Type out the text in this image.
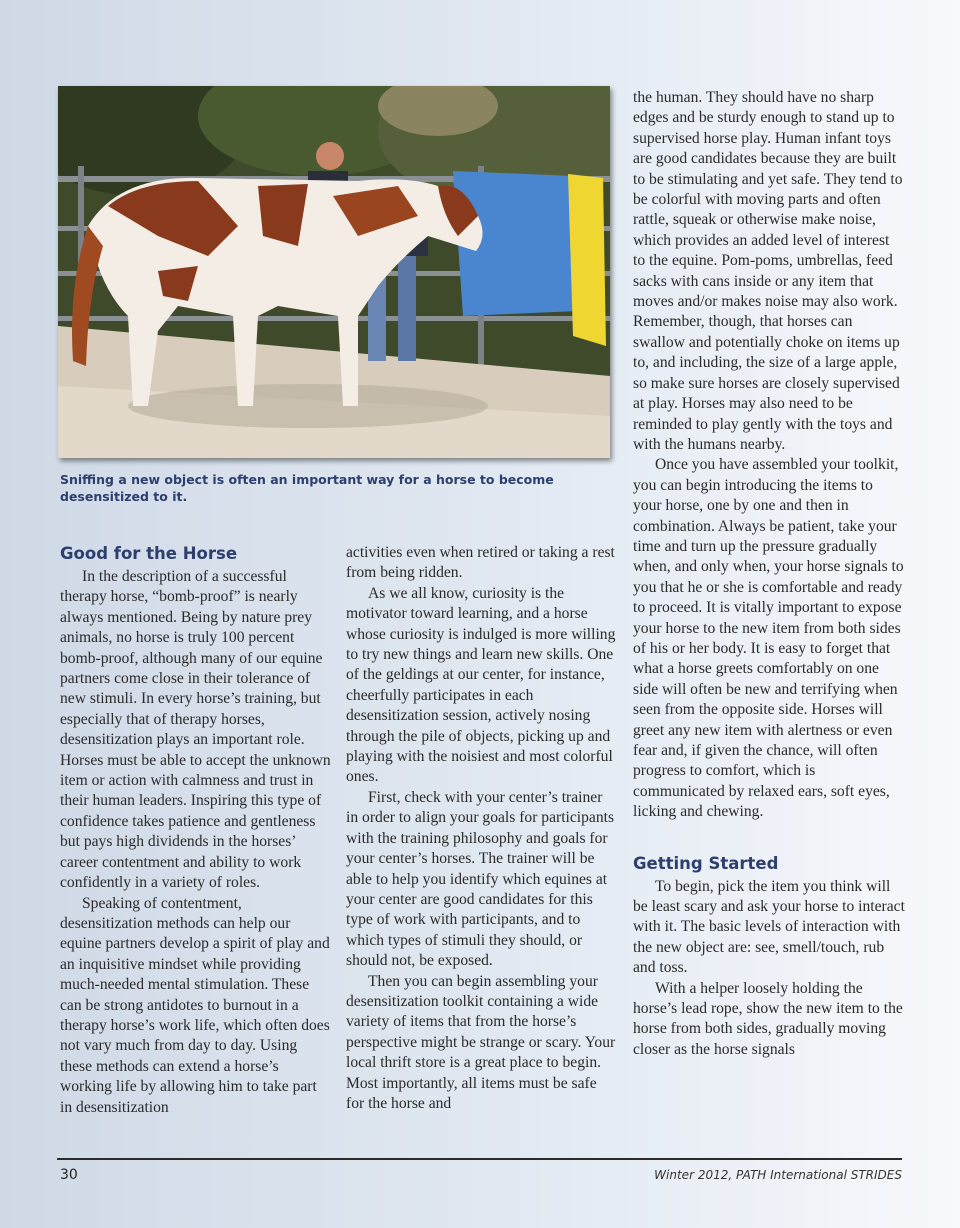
Sniffing a new object is often an important way for a horse to become desensitized to it.
Good for the Horse

In the description of a successful therapy horse, “bomb-proof” is nearly always mentioned. Being by nature prey animals, no horse is truly 100 percent bomb-proof, although many of our equine partners come close in their tolerance of new stimuli. In every horse’s training, but especially that of therapy horses, desensitization plays an important role. Horses must be able to accept the unknown item or action with calmness and trust in their human leaders. Inspiring this type of confidence takes patience and gentleness but pays high dividends in the horses’ career contentment and ability to work confidently in a variety of roles.

Speaking of contentment, desensitization methods can help our equine partners develop a spirit of play and an inquisitive mindset while providing much-needed mental stimulation. These can be strong antidotes to burnout in a therapy horse’s work life, which often does not vary much from day to day. Using these methods can extend a horse’s working life by allowing him to take part in desensitization

activities even when retired or taking a rest from being ridden.

As we all know, curiosity is the motivator toward learning, and a horse whose curiosity is indulged is more willing to try new things and learn new skills. One of the geldings at our center, for instance, cheerfully participates in each desensitization session, actively nosing through the pile of objects, picking up and playing with the noisiest and most colorful ones.

First, check with your center’s trainer in order to align your goals for participants with the training philosophy and goals for your center’s horses. The trainer will be able to help you identify which equines at your center are good candidates for this type of work with participants, and to which types of stimuli they should, or should not, be exposed.

Then you can begin assembling your desensitization toolkit containing a wide variety of items that from the horse’s perspective might be strange or scary. Your local thrift store is a great place to begin. Most importantly, all items must be safe for the horse and

the human. They should have no sharp edges and be sturdy enough to stand up to supervised horse play. Human infant toys are good candidates because they are built to be stimulating and yet safe. They tend to be colorful with moving parts and often rattle, squeak or otherwise make noise, which provides an added level of interest to the equine. Pom-poms, umbrellas, feed sacks with cans inside or any item that moves and/or makes noise may also work. Remember, though, that horses can swallow and potentially choke on items up to, and including, the size of a large apple, so make sure horses are closely supervised at play. Horses may also need to be reminded to play gently with the toys and with the humans nearby.

Once you have assembled your toolkit, you can begin introducing the items to your horse, one by one and then in combination. Always be patient, take your time and turn up the pressure gradually when, and only when, your horse signals to you that he or she is comfortable and ready to proceed. It is vitally important to expose your horse to the new item from both sides of his or her body. It is easy to forget that what a horse greets comfortably on one side will often be new and terrifying when seen from the opposite side. Horses will greet any new item with alertness or even fear and, if given the chance, will often progress to comfort, which is communicated by relaxed ears, soft eyes, licking and chewing.

Getting Started

To begin, pick the item you think will be least scary and ask your horse to interact with it. The basic levels of interaction with the new object are: see, smell/touch, rub and toss.

With a helper loosely holding the horse’s lead rope, show the new item to the horse from both sides, gradually moving closer as the horse signals

30	Winter 2012, PATH International STRIDES
